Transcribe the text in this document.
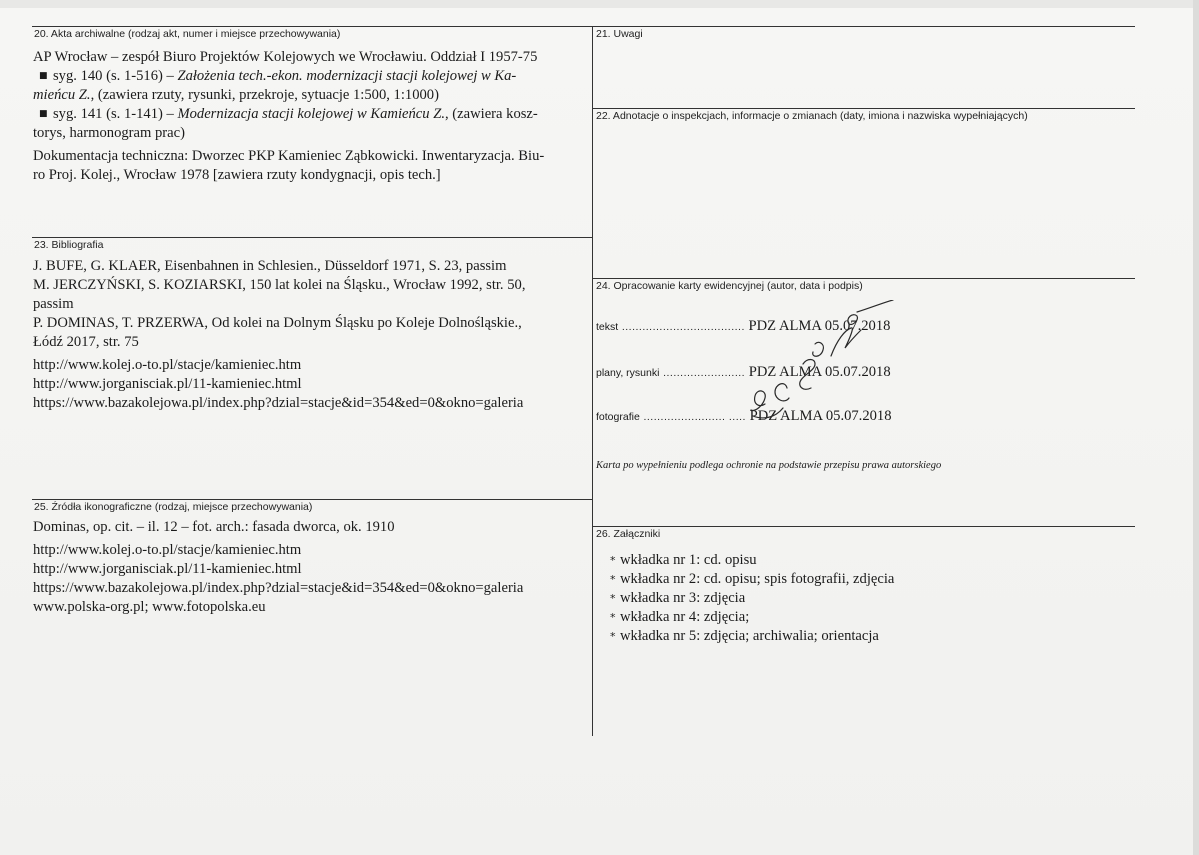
20. Akta archiwalne (rodzaj akt, numer i miejsce przechowywania)
AP Wrocław – zespół Biuro Projektów Kolejowych we Wrocławiu. Oddział I 1957-75
■ syg. 140 (s. 1-516) – Założenia tech.-ekon. modernizacji stacji kolejowej w Ka-
mieńcu Z., (zawiera rzuty, rysunki, przekroje, sytuacje 1:500, 1:1000)
■ syg. 141 (s. 1-141) – Modernizacja stacji kolejowej w Kamieńcu Z., (zawiera kosz-
torys, harmonogram prac)
Dokumentacja techniczna: Dworzec PKP Kamieniec Ząbkowicki. Inwentaryzacja. Biu-
ro Proj. Kolej., Wrocław 1978 [zawiera rzuty kondygnacji, opis tech.]
21. Uwagi
22. Adnotacje o inspekcjach, informacje o zmianach (daty, imiona i nazwiska wypełniających)
23. Bibliografia
J. BUFE, G. KLAER, Eisenbahnen in Schlesien., Düsseldorf 1971, S. 23, passim
M. JERCZYŃSKI, S. KOZIARSKI, 150 lat kolei na Śląsku., Wrocław 1992, str. 50,
passim
P. DOMINAS, T. PRZERWA, Od kolei na Dolnym Śląsku po Koleje Dolnośląskie.,
Łódź 2017, str. 75
http://www.kolej.o-to.pl/stacje/kamieniec.htm
http://www.jorganisciak.pl/11-kamieniec.html
https://www.bazakolejowa.pl/index.php?dzial=stacje&id=354&ed=0&okno=galeria
24. Opracowanie karty ewidencyjnej (autor, data i podpis)
tekst .................................... PDZ ALMA 05.07.2018
plany, rysunki ........................ PDZ ALMA 05.07.2018
fotografie ........................ ..... PDZ ALMA 05.07.2018
Karta po wypełnieniu podlega ochronie na podstawie przepisu prawa autorskiego
25. Źródła ikonograficzne (rodzaj, miejsce przechowywania)
Dominas, op. cit. – il. 12 – fot. arch.: fasada dworca, ok. 1910
http://www.kolej.o-to.pl/stacje/kamieniec.htm
http://www.jorganisciak.pl/11-kamieniec.html
https://www.bazakolejowa.pl/index.php?dzial=stacje&id=354&ed=0&okno=galeria
www.polska-org.pl; www.fotopolska.eu
26. Załączniki
* wkładka nr 1: cd. opisu
* wkładka nr 2: cd. opisu; spis fotografii, zdjęcia
* wkładka nr 3: zdjęcia
* wkładka nr 4: zdjęcia;
* wkładka nr 5: zdjęcia; archiwalia; orientacja
